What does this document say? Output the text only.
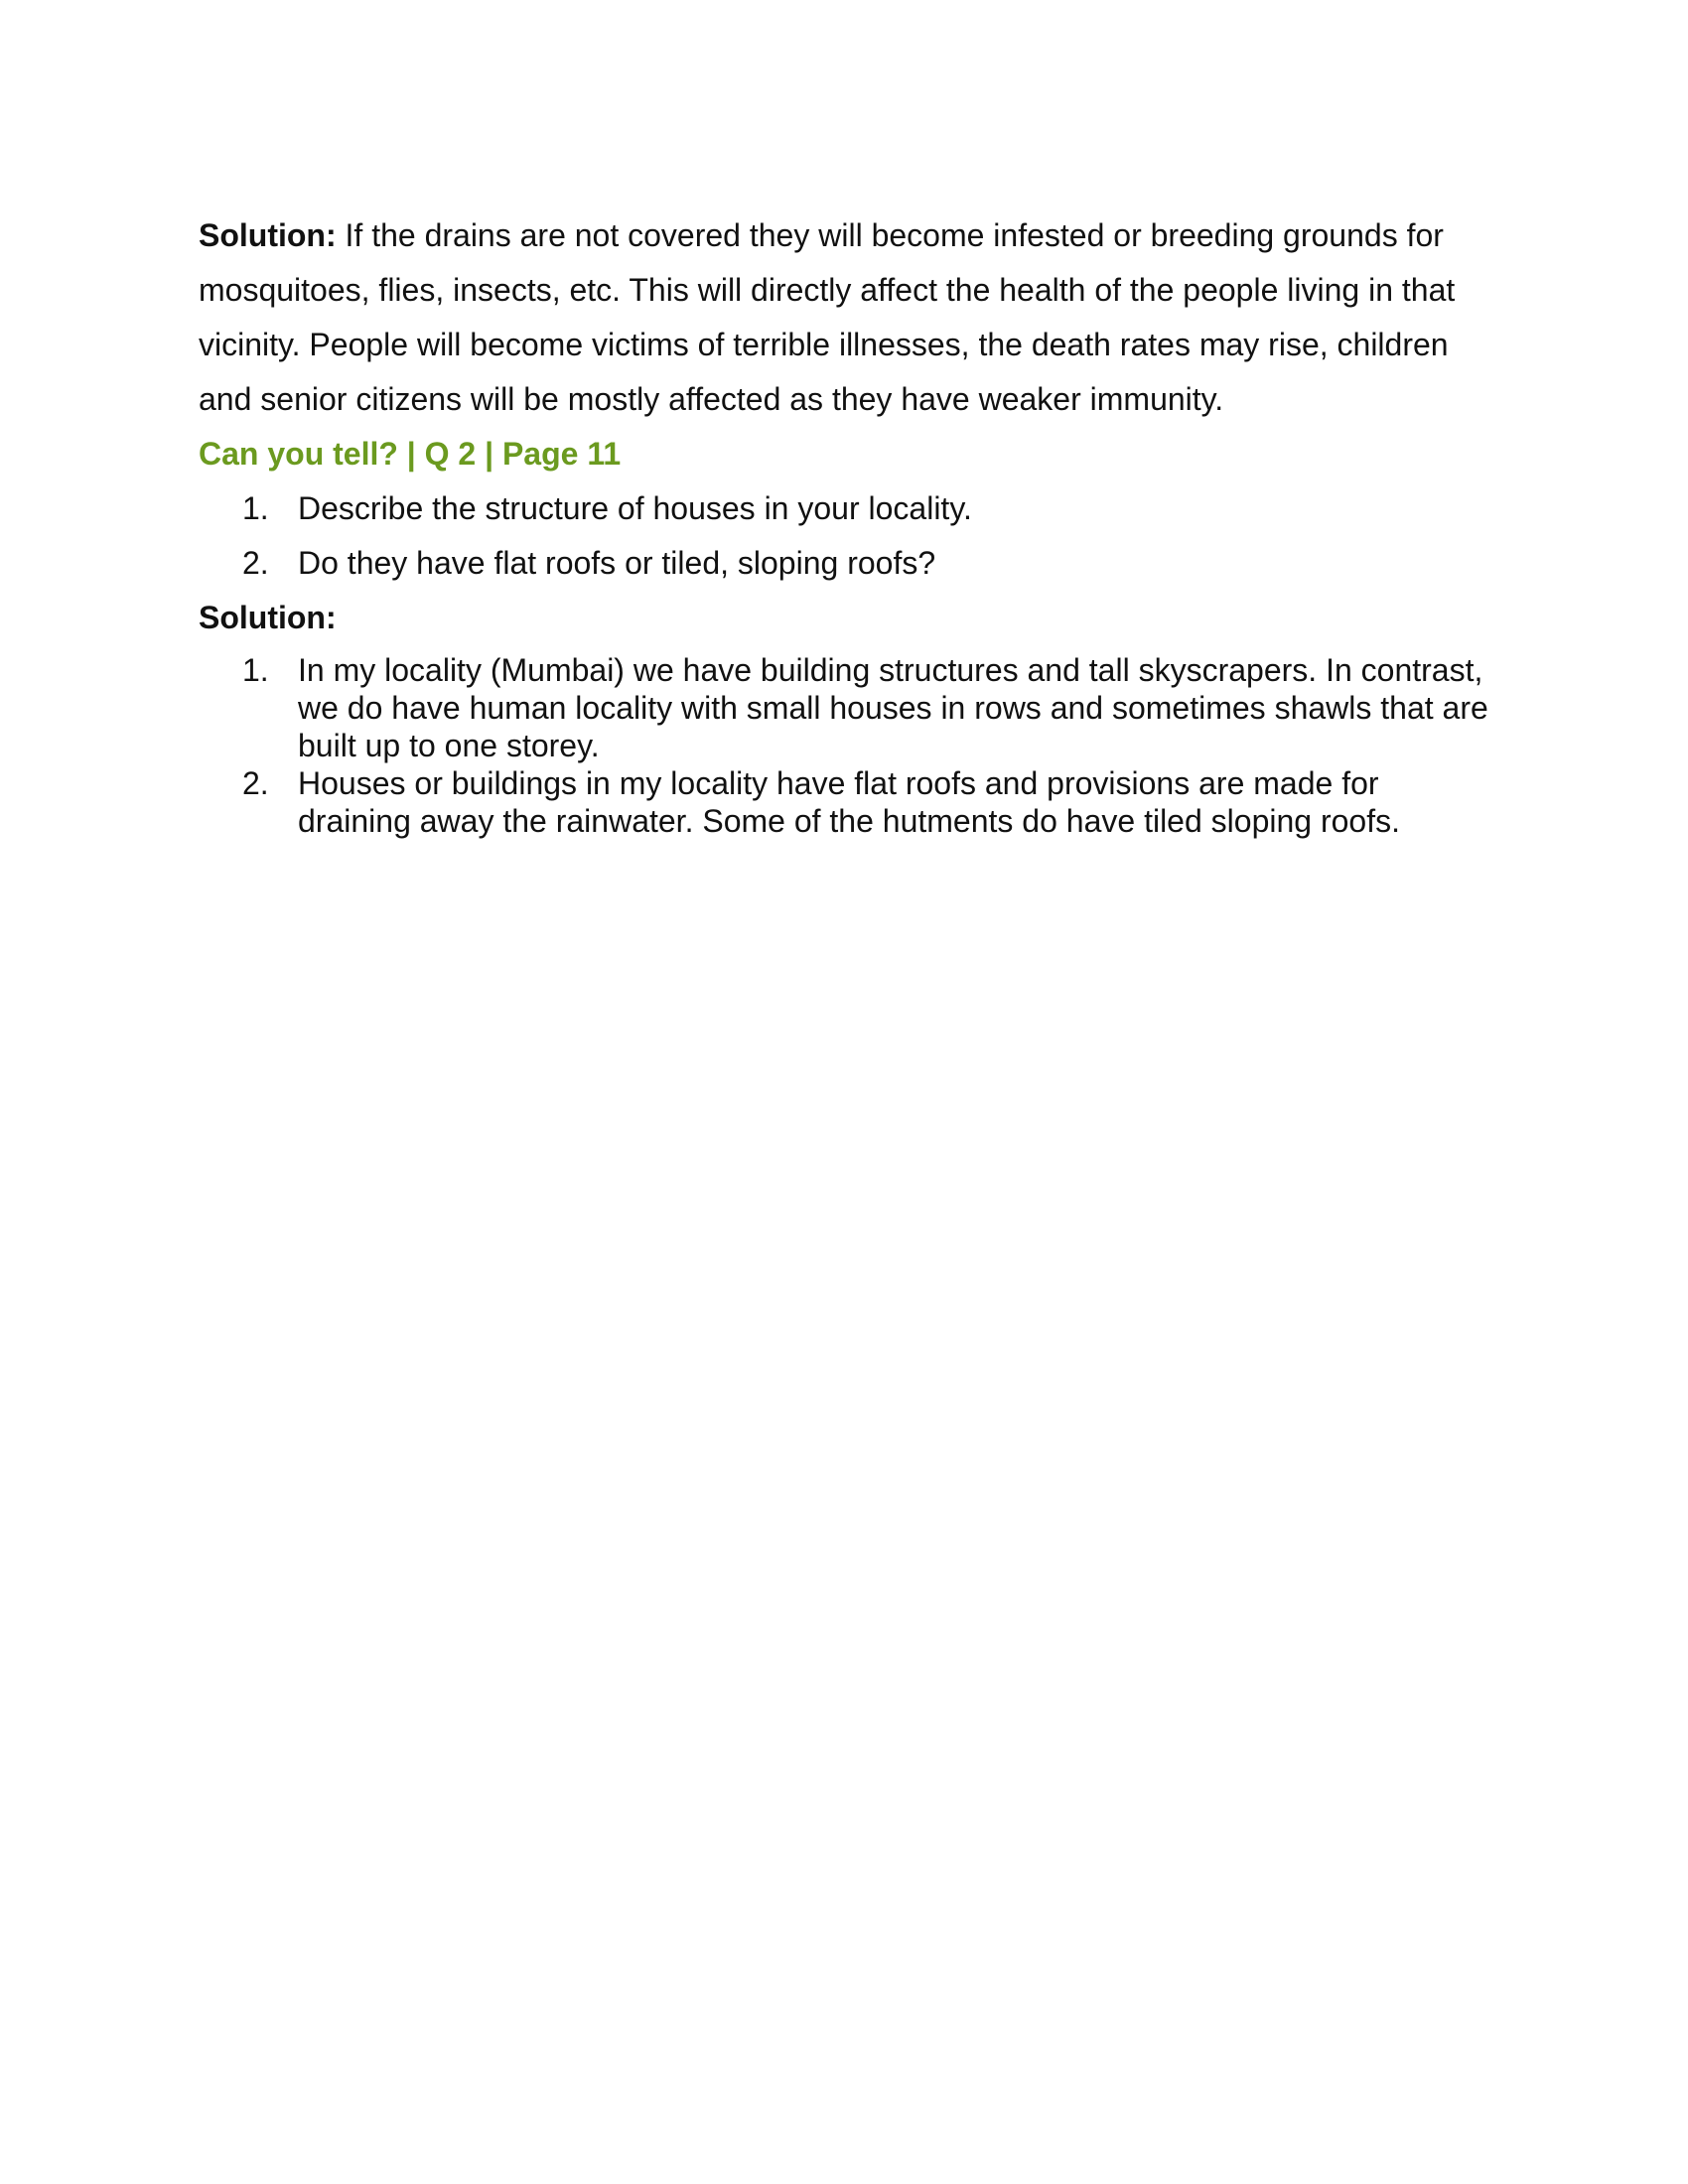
Solution: If the drains are not covered they will become infested or breeding grounds for mosquitoes, flies, insects, etc. This will directly affect the health of the people living in that vicinity. People will become victims of terrible illnesses, the death rates may rise, children and senior citizens will be mostly affected as they have weaker immunity.

Can you tell? | Q 2 | Page 11

1. Describe the structure of houses in your locality.
2. Do they have flat roofs or tiled, sloping roofs?

Solution:

1. In my locality (Mumbai) we have building structures and tall skyscrapers. In contrast, we do have human locality with small houses in rows and sometimes shawls that are built up to one storey.
2. Houses or buildings in my locality have flat roofs and provisions are made for draining away the rainwater. Some of the hutments do have tiled sloping roofs.
